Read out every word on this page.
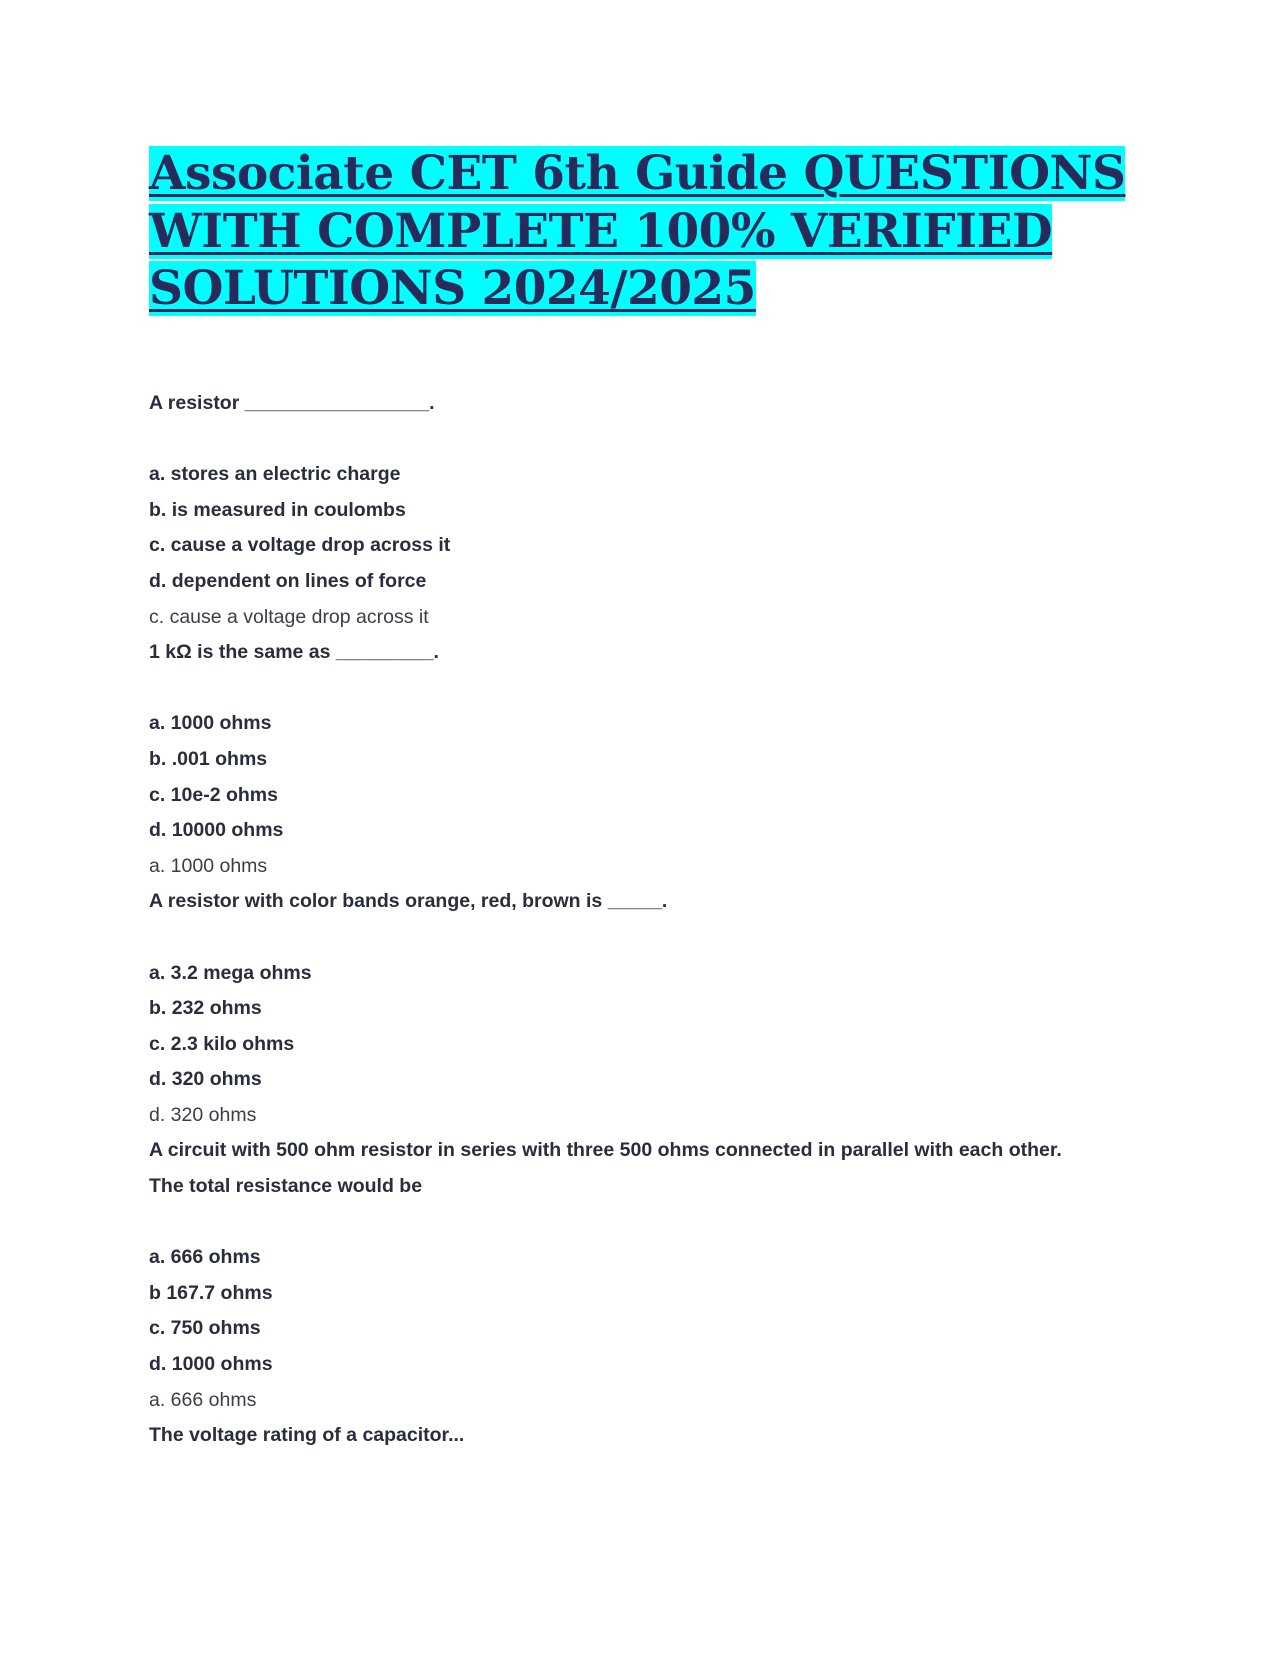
Associate CET 6th Guide QUESTIONS WITH COMPLETE 100% VERIFIED SOLUTIONS 2024/2025
A resistor _________________.
a. stores an electric charge
b. is measured in coulombs
c. cause a voltage drop across it
d. dependent on lines of force
c. cause a voltage drop across it
1 kΩ is the same as _________.
a. 1000 ohms
b. .001 ohms
c. 10e-2 ohms
d. 10000 ohms
a. 1000 ohms
A resistor with color bands orange, red, brown is _____.
a. 3.2 mega ohms
b. 232 ohms
c. 2.3 kilo ohms
d. 320 ohms
d. 320 ohms
A circuit with 500 ohm resistor in series with three 500 ohms connected in parallel with each other. The total resistance would be
a. 666 ohms
b 167.7 ohms
c. 750 ohms
d. 1000 ohms
a. 666 ohms
The voltage rating of a capacitor...
